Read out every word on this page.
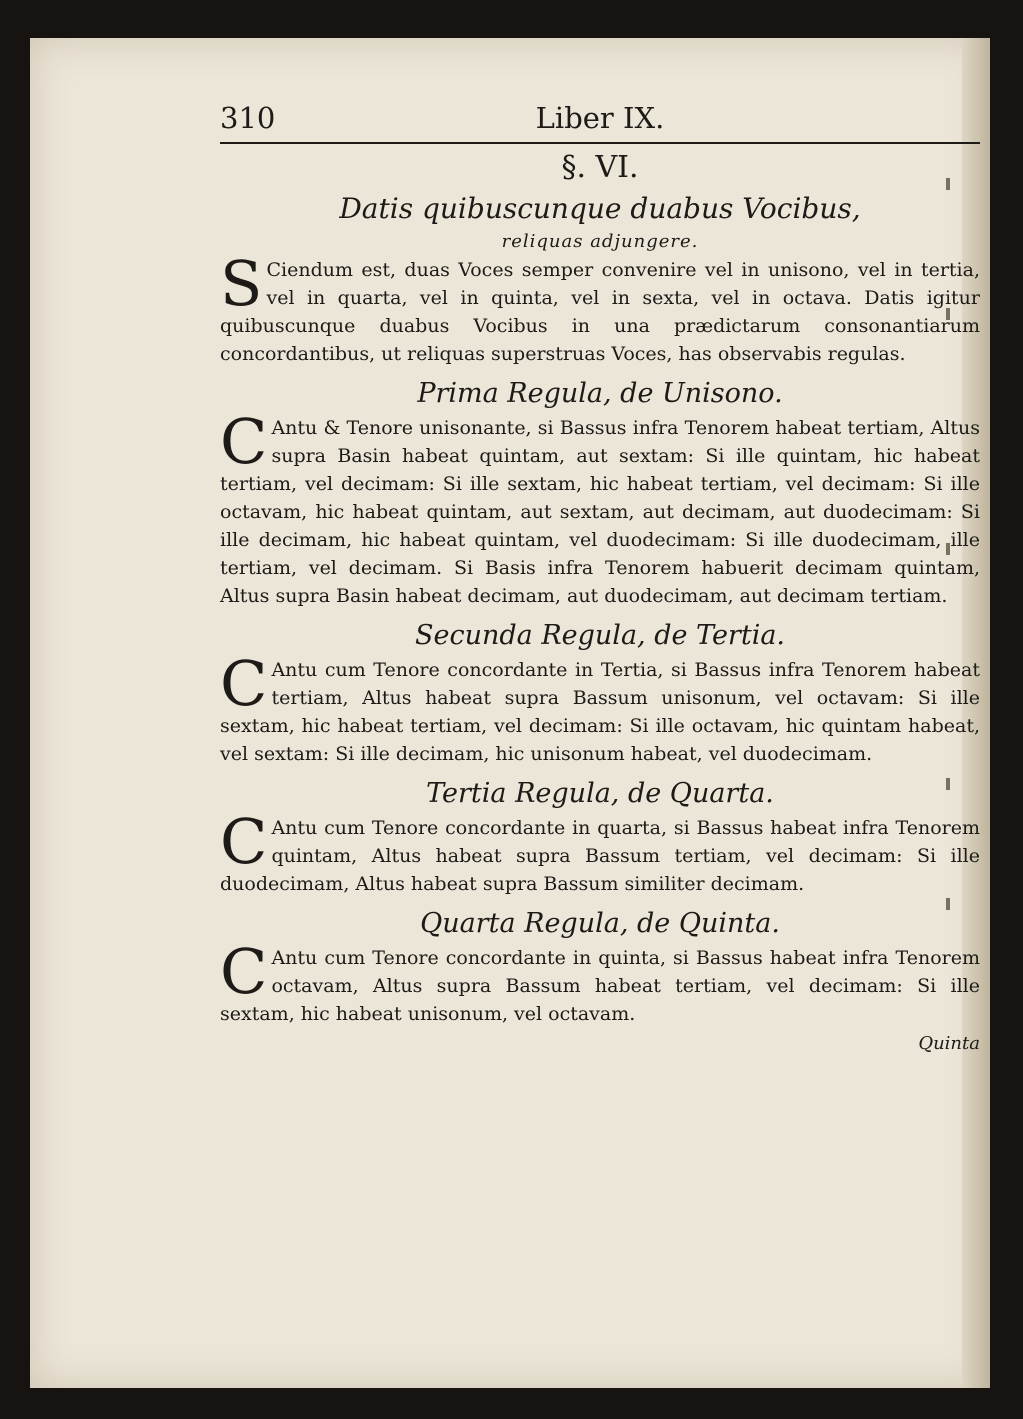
310	Liber IX.
§. VI.
Datis quibuscunque duabus Vocibus,
reliquas adjungere.
S Ciendum est, duas Voces semper convenire vel in unisono, vel in tertia, vel in quarta, vel in quinta, vel in sexta, vel in octava. Datis igitur quibuscunque duabus Vocibus in una prædictarum consonantiarum concordantibus, ut reliquas superstruas Voces, has observabis regulas.
Prima Regula, de Unisono.
C Antu & Tenore unisonante, si Bassus infra Tenorem habeat tertiam, Altus supra Basin habeat quintam, aut sextam: Si ille quintam, hic habeat tertiam, vel decimam: Si ille sextam, hic habeat tertiam, vel decimam: Si ille octavam, hic habeat quintam, aut sextam, aut decimam, aut duodecimam: Si ille decimam, hic habeat quintam, vel duodecimam: Si ille duodecimam, ille tertiam, vel decimam. Si Basis infra Tenorem habuerit decimam quintam, Altus supra Basin habeat decimam, aut duodecimam, aut decimam tertiam.
Secunda Regula, de Tertia.
C Antu cum Tenore concordante in Tertia, si Bassus infra Tenorem habeat tertiam, Altus habeat supra Bassum unisonum, vel octavam: Si ille sextam, hic habeat tertiam, vel decimam: Si ille octavam, hic quintam habeat, vel sextam: Si ille decimam, hic unisonum habeat, vel duodecimam.
Tertia Regula, de Quarta.
C Antu cum Tenore concordante in quarta, si Bassus habeat infra Tenorem quintam, Altus habeat supra Bassum tertiam, vel decimam: Si ille duodecimam, Altus habeat supra Bassum similiter decimam.
Quarta Regula, de Quinta.
C Antu cum Tenore concordante in quinta, si Bassus habeat infra Tenorem octavam, Altus supra Bassum habeat tertiam, vel decimam: Si ille sextam, hic habeat unisonum, vel octavam.
Quinta
